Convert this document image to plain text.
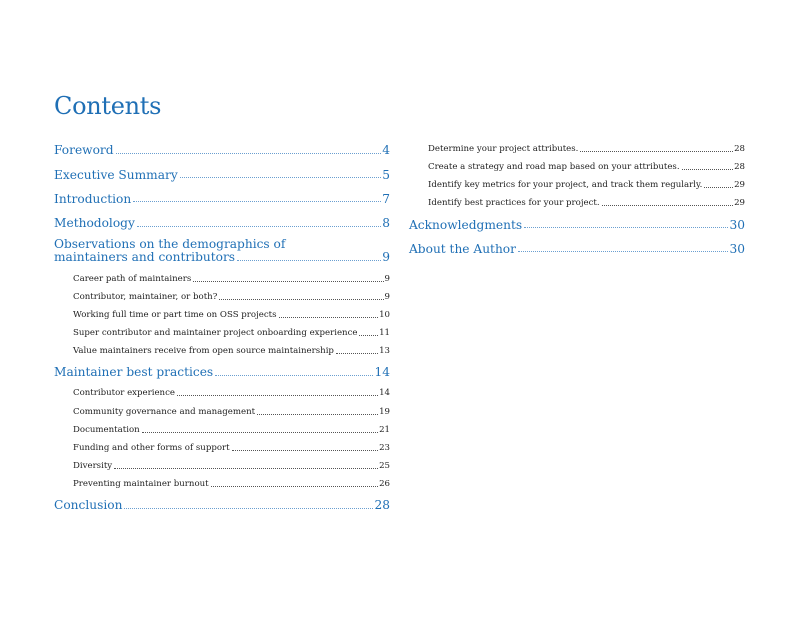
Contents
Foreword	4
Executive Summary	5
Introduction	7
Methodology	8
Observations on the demographics of
maintainers and contributors	9
Career path of maintainers	9
Contributor, maintainer, or both?	9
Working full time or part time on OSS projects	10
Super contributor and maintainer project onboarding experience	11
Value maintainers receive from open source maintainership	13
Maintainer best practices	14
Contributor experience	14
Community governance and management	19
Documentation	21
Funding and other forms of support	23
Diversity	25
Preventing maintainer burnout	26
Conclusion	28
Determine your project attributes.	28
Create a strategy and road map based on your attributes.	28
Identify key metrics for your project, and track them regularly.	29
Identify best practices for your project.	29
Acknowledgments	30
About the Author	30
